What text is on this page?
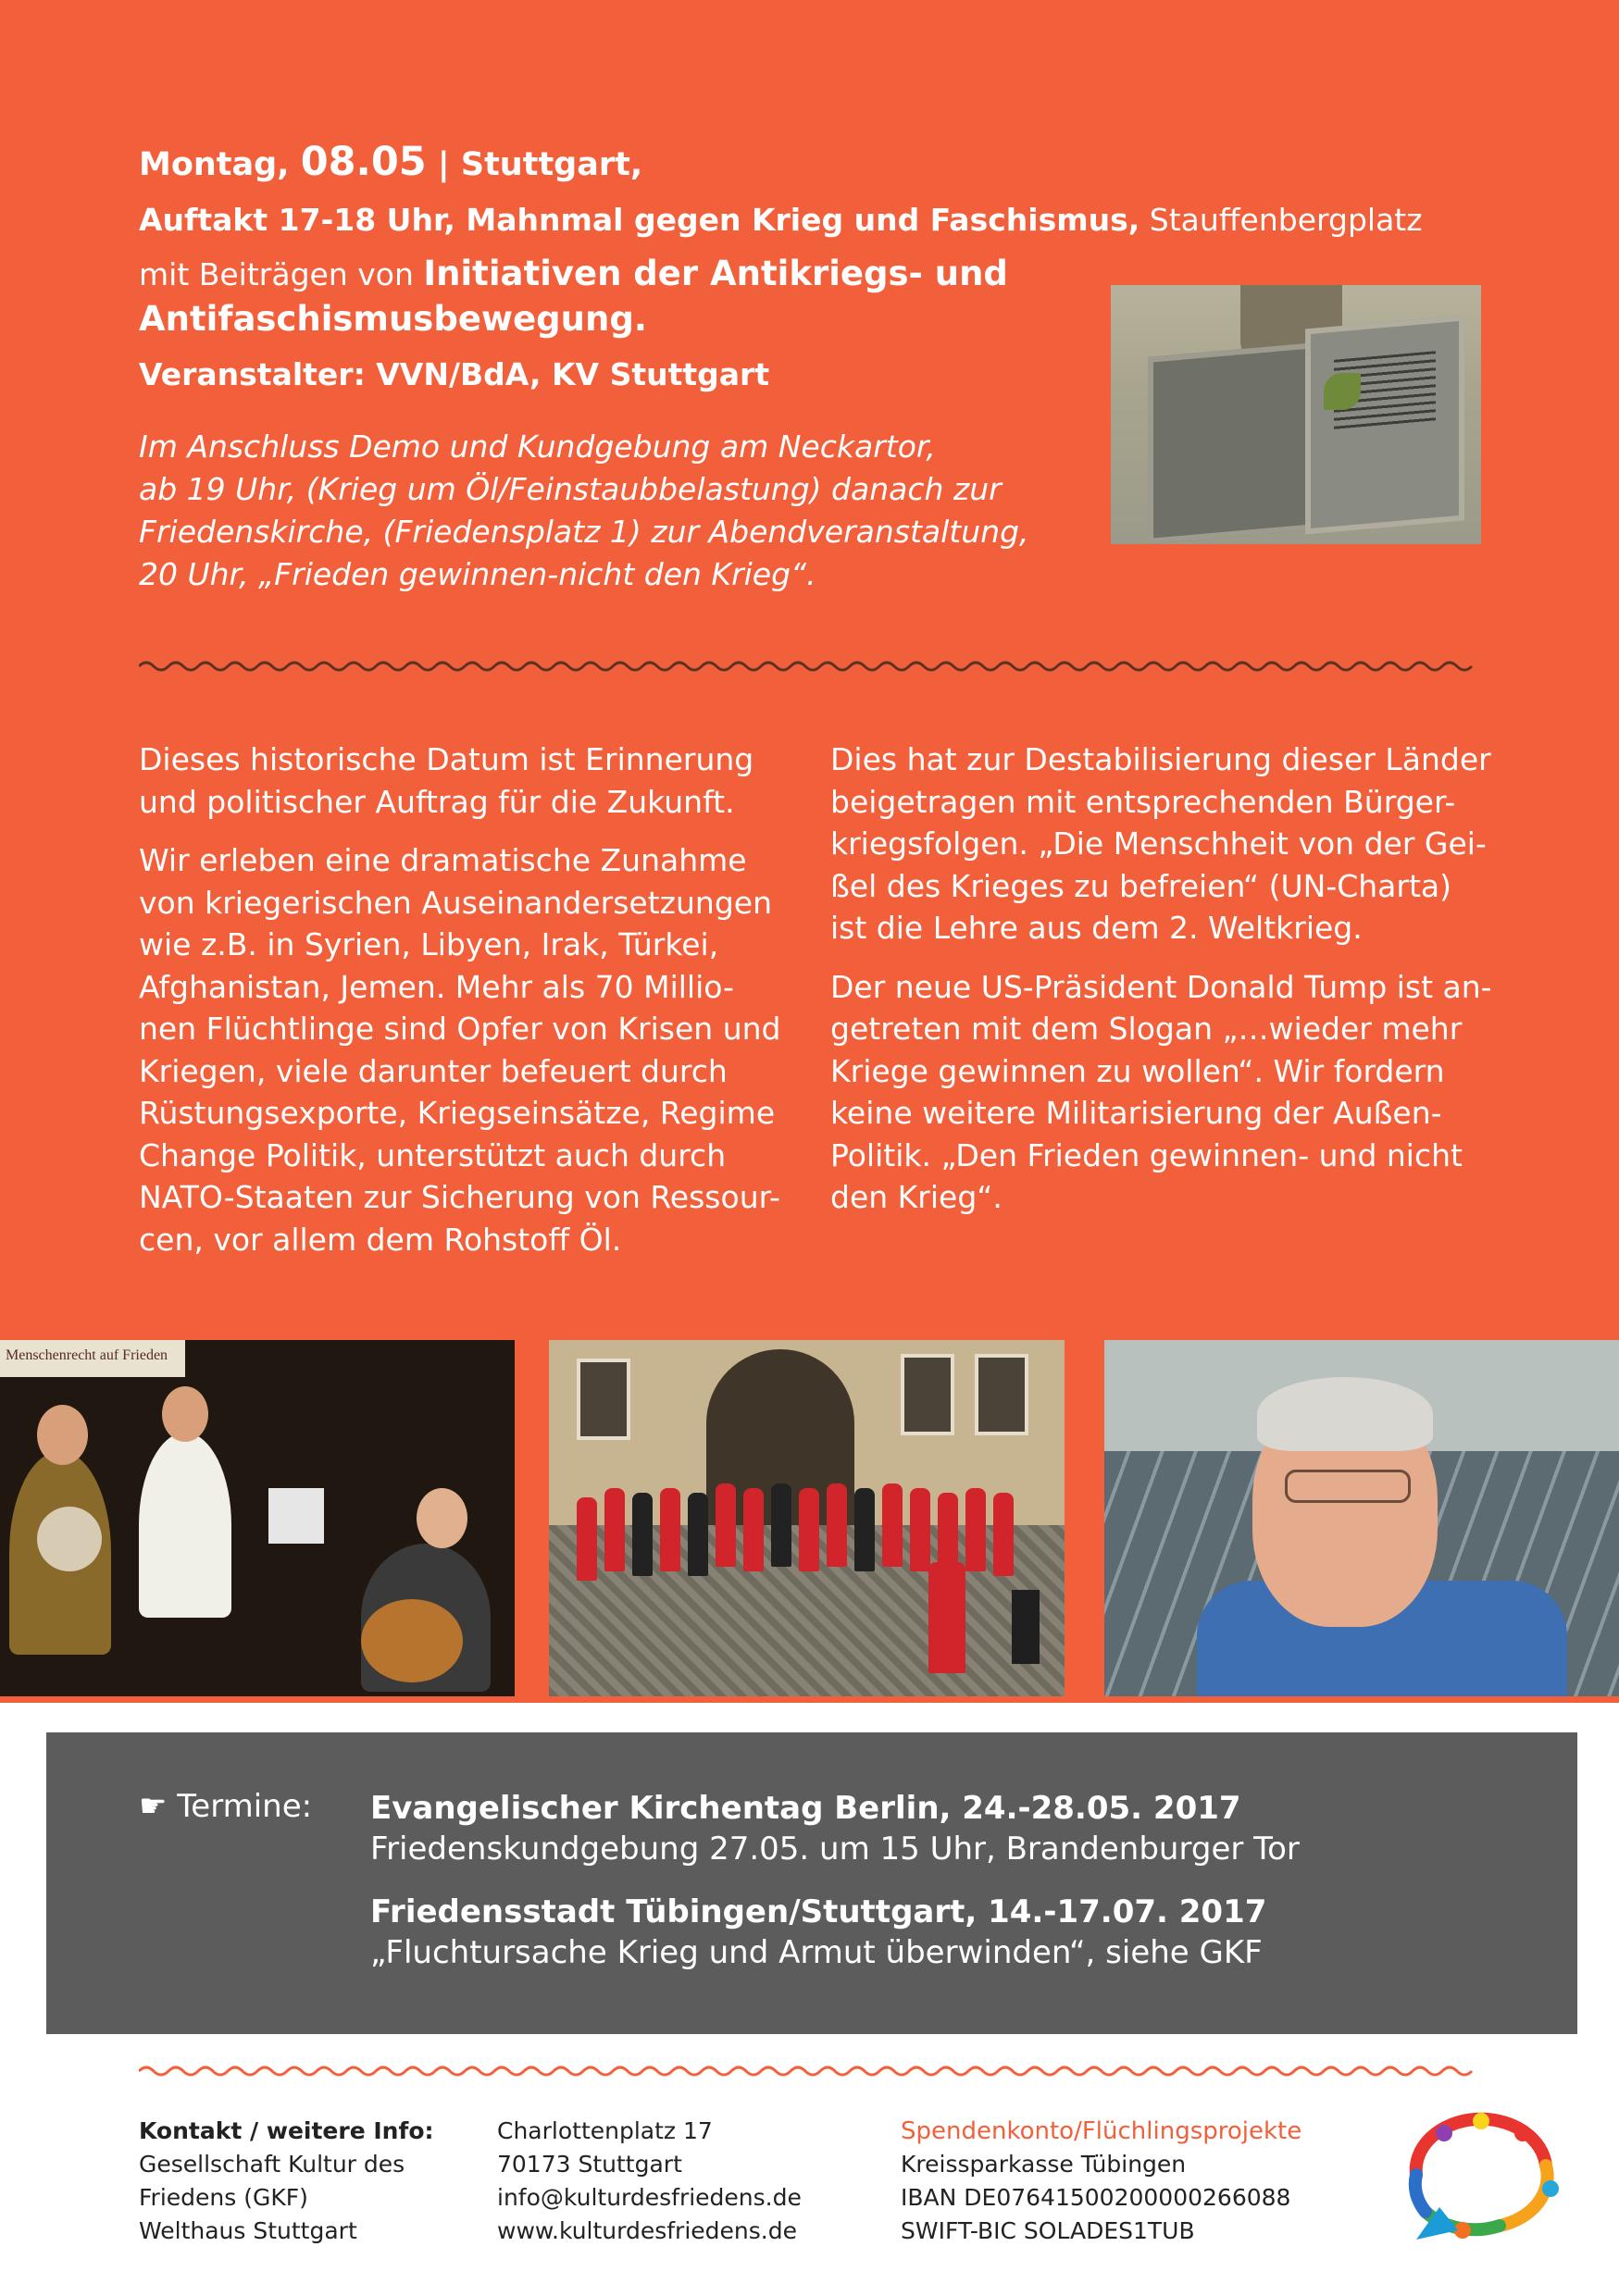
Montag, 08.05 | Stuttgart,
Auftakt 17-18 Uhr, Mahnmal gegen Krieg und Faschismus, Stauffenbergplatz
mit Beiträgen von Initiativen der Antikriegs- und
Antifaschismusbewegung.
Veranstalter: VVN/BdA, KV Stuttgart
Im Anschluss Demo und Kundgebung am Neckartor,
ab 19 Uhr, (Krieg um Öl/Feinstaubbelastung) danach zur
Friedenskirche, (Friedensplatz 1) zur Abendveranstaltung,
20 Uhr, „Frieden gewinnen-nicht den Krieg“.

Dieses historische Datum ist Erinnerung
und politischer Auftrag für die Zukunft.

Wir erleben eine dramatische Zunahme
von kriegerischen Auseinandersetzungen
wie z.B. in Syrien, Libyen, Irak, Türkei,
Afghanistan, Jemen. Mehr als 70 Millio-
nen Flüchtlinge sind Opfer von Krisen und
Kriegen, viele darunter befeuert durch
Rüstungsexporte, Kriegseinsätze, Regime
Change Politik, unterstützt auch durch
NATO-Staaten zur Sicherung von Ressour-
cen, vor allem dem Rohstoff Öl.

Dies hat zur Destabilisierung dieser Länder
beigetragen mit entsprechenden Bürger-
kriegsfolgen. „Die Menschheit von der Gei-
ßel des Krieges zu befreien“ (UN-Charta)
ist die Lehre aus dem 2. Weltkrieg.

Der neue US-Präsident Donald Tump ist an-
getreten mit dem Slogan „…wieder mehr
Kriege gewinnen zu wollen“. Wir fordern
keine weitere Militarisierung der Außen-
Politik. „Den Frieden gewinnen- und nicht
den Krieg“.

Menschenrecht auf Frieden
☛ Termine: Evangelischer Kirchentag Berlin, 24.-28.05. 2017
Friedenskundgebung 27.05. um 15 Uhr, Brandenburger Tor
Friedensstadt Tübingen/Stuttgart, 14.-17.07. 2017
„Fluchtursache Krieg und Armut überwinden“, siehe GKF
Kontakt / weitere Info:
Gesellschaft Kultur des
Friedens (GKF)
Welthaus Stuttgart
Charlottenplatz 17
70173 Stuttgart
info@kulturdesfriedens.de
www.kulturdesfriedens.de
Spendenkonto/Flüchlingsprojekte
Kreissparkasse Tübingen
IBAN DE07641500200000266088
SWIFT-BIC SOLADES1TUB
